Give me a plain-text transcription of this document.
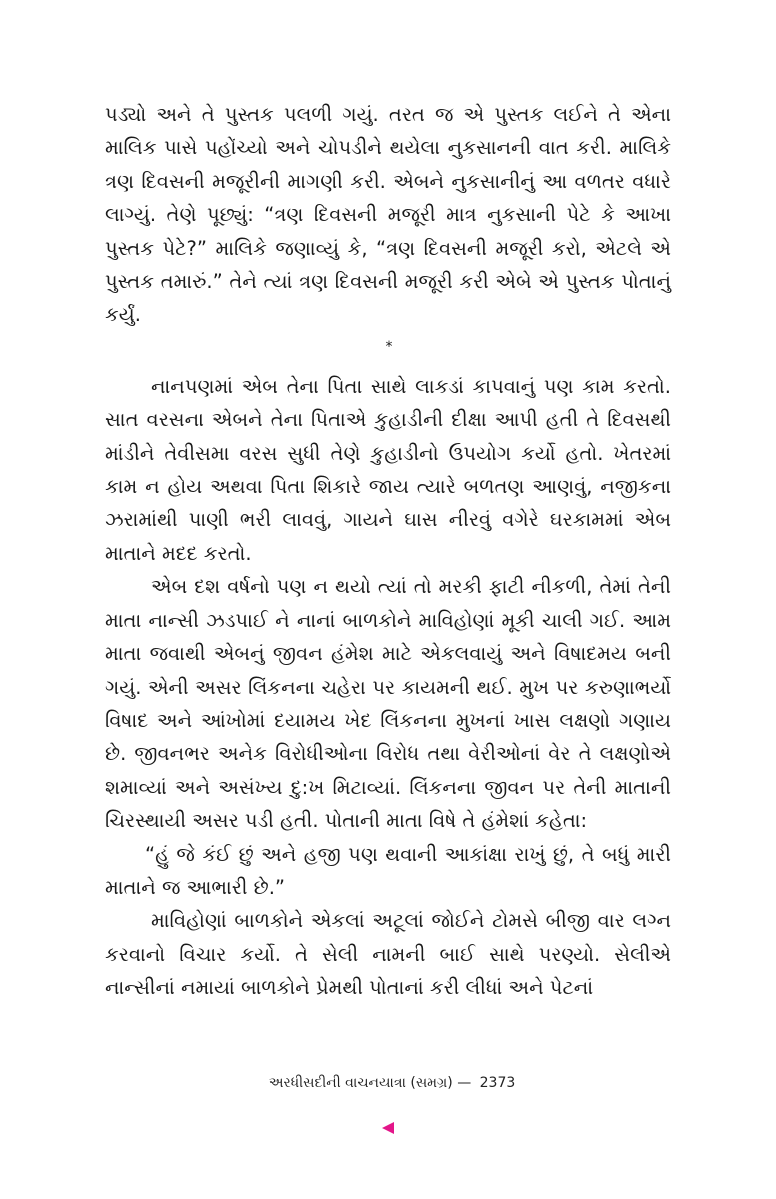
પડ્યો અને તે પુસ્તક પલળી ગયું. તરત જ એ પુસ્તક લઈને તે એના માલિક પાસે પહોંચ્યો અને ચોપડીને થયેલા નુકસાનની વાત કરી. માલિકે ત્રણ દિવસની મજૂરીની માગણી કરી. એબને નુકસાનીનું આ વળતર વધારે લાગ્યું. તેણે પૂછ્યું: “ત્રણ દિવસની મજૂરી માત્ર નુકસાની પેટે કે આખા પુસ્તક પેટે?” માલિકે જણાવ્યું કે, “ત્રણ દિવસની મજૂરી કરો, એટલે એ પુસ્તક તમારું.” તેને ત્યાં ત્રણ દિવસની મજૂરી કરી એબે એ પુસ્તક પોતાનું કર્યું.

*

નાનપણમાં એબ તેના પિતા સાથે લાકડાં કાપવાનું પણ કામ કરતો. સાત વરસના એબને તેના પિતાએ કુહાડીની દીક્ષા આપી હતી તે દિવસથી માંડીને તેવીસમા વરસ સુધી તેણે કુહાડીનો ઉપયોગ કર્યો હતો. ખેતરમાં કામ ન હોય અથવા પિતા શિકારે જાય ત્યારે બળતણ આણવું, નજીકના ઝરામાંથી પાણી ભરી લાવવું, ગાયને ઘાસ નીરવું વગેરે ઘરકામમાં એબ માતાને મદદ કરતો.

એબ દશ વર્ષનો પણ ન થયો ત્યાં તો મરકી ફાટી નીકળી, તેમાં તેની માતા નાન્સી ઝડપાઈ ને નાનાં બાળકોને માવિહોણાં મૂકી ચાલી ગઈ. આમ માતા જવાથી એબનું જીવન હંમેશ માટે એકલવાયું અને વિષાદમય બની ગયું. એની અસર લિંકનના ચહેરા પર કાયમની થઈ. મુખ પર કરુણાભર્યો વિષાદ અને આંખોમાં દયામય ખેદ લિંકનના મુખનાં ખાસ લક્ષણો ગણાય છે. જીવનભર અનેક વિરોધીઓના વિરોધ તથા વેરીઓનાં વેર તે લક્ષણોએ શમાવ્યાં અને અસંખ્ય દુ:ખ મિટાવ્યાં. લિંકનના જીવન પર તેની માતાની ચિરસ્થાયી અસર પડી હતી. પોતાની માતા વિષે તે હંમેશાં કહેતા:

“હું જે કંઈ છું અને હજી પણ થવાની આકાંક્ષા રાખું છું, તે બધું મારી માતાને જ આભારી છે.”

માવિહોણાં બાળકોને એકલાં અટૂલાં જોઈને ટોમસે બીજી વાર લગ્ન કરવાનો વિચાર કર્યો. તે સેલી નામની બાઈ સાથે પરણ્યો. સેલીએ નાન્સીનાં નમાયાં બાળકોને પ્રેમથી પોતાનાં કરી લીધાં અને પેટનાં

અરધીસદીની વાચનયાત્રા (સમગ્ર) — 2373
